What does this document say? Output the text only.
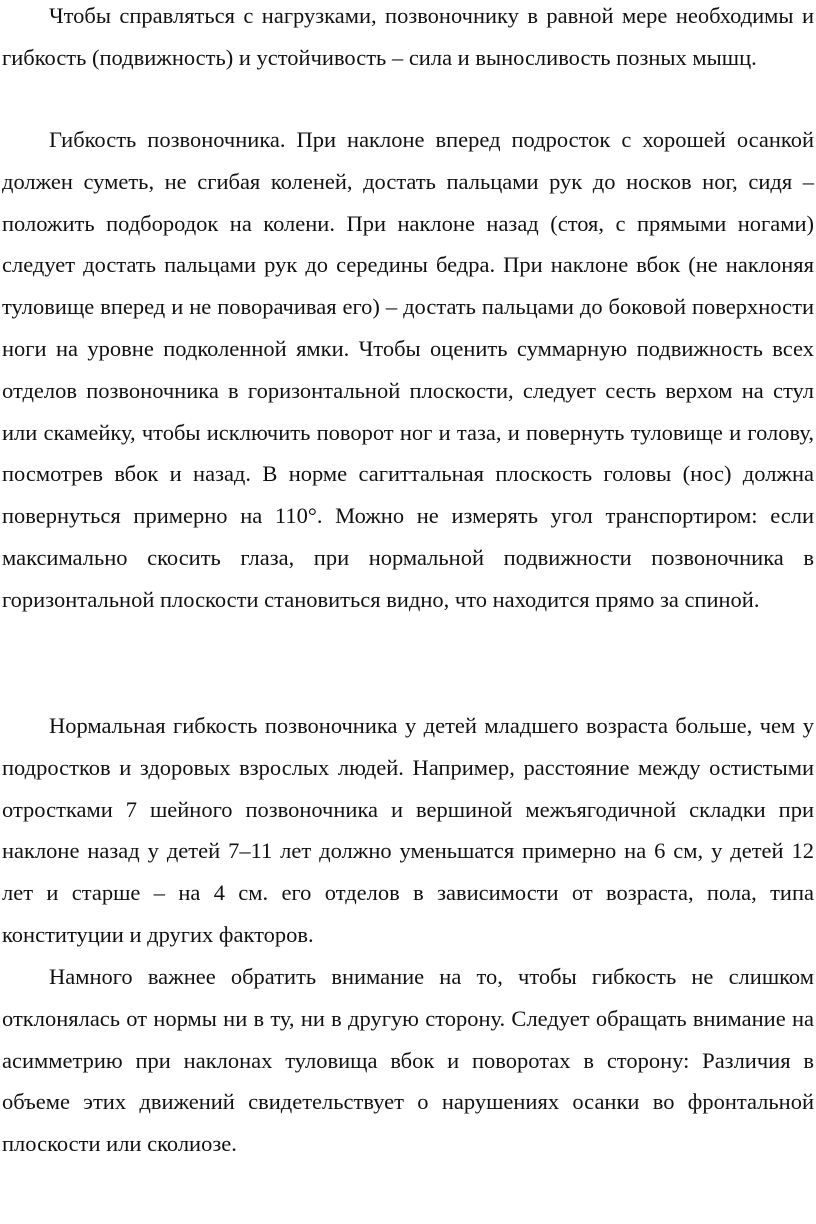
Чтобы справляться с нагрузками, позвоночнику в равной мере необходимы и гибкость (подвижность) и устойчивость – сила и выносливость позных мышц.

Гибкость позвоночника. При наклоне вперед подросток с хорошей осанкой должен суметь, не сгибая коленей, достать пальцами рук до носков ног, сидя – положить подбородок на колени. При наклоне назад (стоя, с прямыми ногами) следует достать пальцами рук до середины бедра. При наклоне вбок (не наклоняя туловище вперед и не поворачивая его) – достать пальцами до боковой поверхности ноги на уровне подколенной ямки. Чтобы оценить суммарную подвижность всех отделов позвоночника в горизонтальной плоскости, следует сесть верхом на стул или скамейку, чтобы исключить поворот ног и таза, и повернуть туловище и голову, посмотрев вбок и назад. В норме сагиттальная плоскость головы (нос) должна повернуться примерно на 110°. Можно не измерять угол транспортиром: если максимально скосить глаза, при нормальной подвижности позвоночника в горизонтальной плоскости становиться видно, что находится прямо за спиной.

Нормальная гибкость позвоночника у детей младшего возраста больше, чем у подростков и здоровых взрослых людей. Например, расстояние между остистыми отростками 7 шейного позвоночника и вершиной межъягодичной складки при наклоне назад у детей 7–11 лет должно уменьшатся примерно на 6 см, у детей 12 лет и старше – на 4 см. его отделов в зависимости от возраста, пола, типа конституции и других факторов.

Намного важнее обратить внимание на то, чтобы гибкость не слишком отклонялась от нормы ни в ту, ни в другую сторону. Следует обращать внимание на асимметрию при наклонах туловища вбок и поворотах в сторону: Различия в объеме этих движений свидетельствует о нарушениях осанки во фронтальной плоскости или сколиозе.
